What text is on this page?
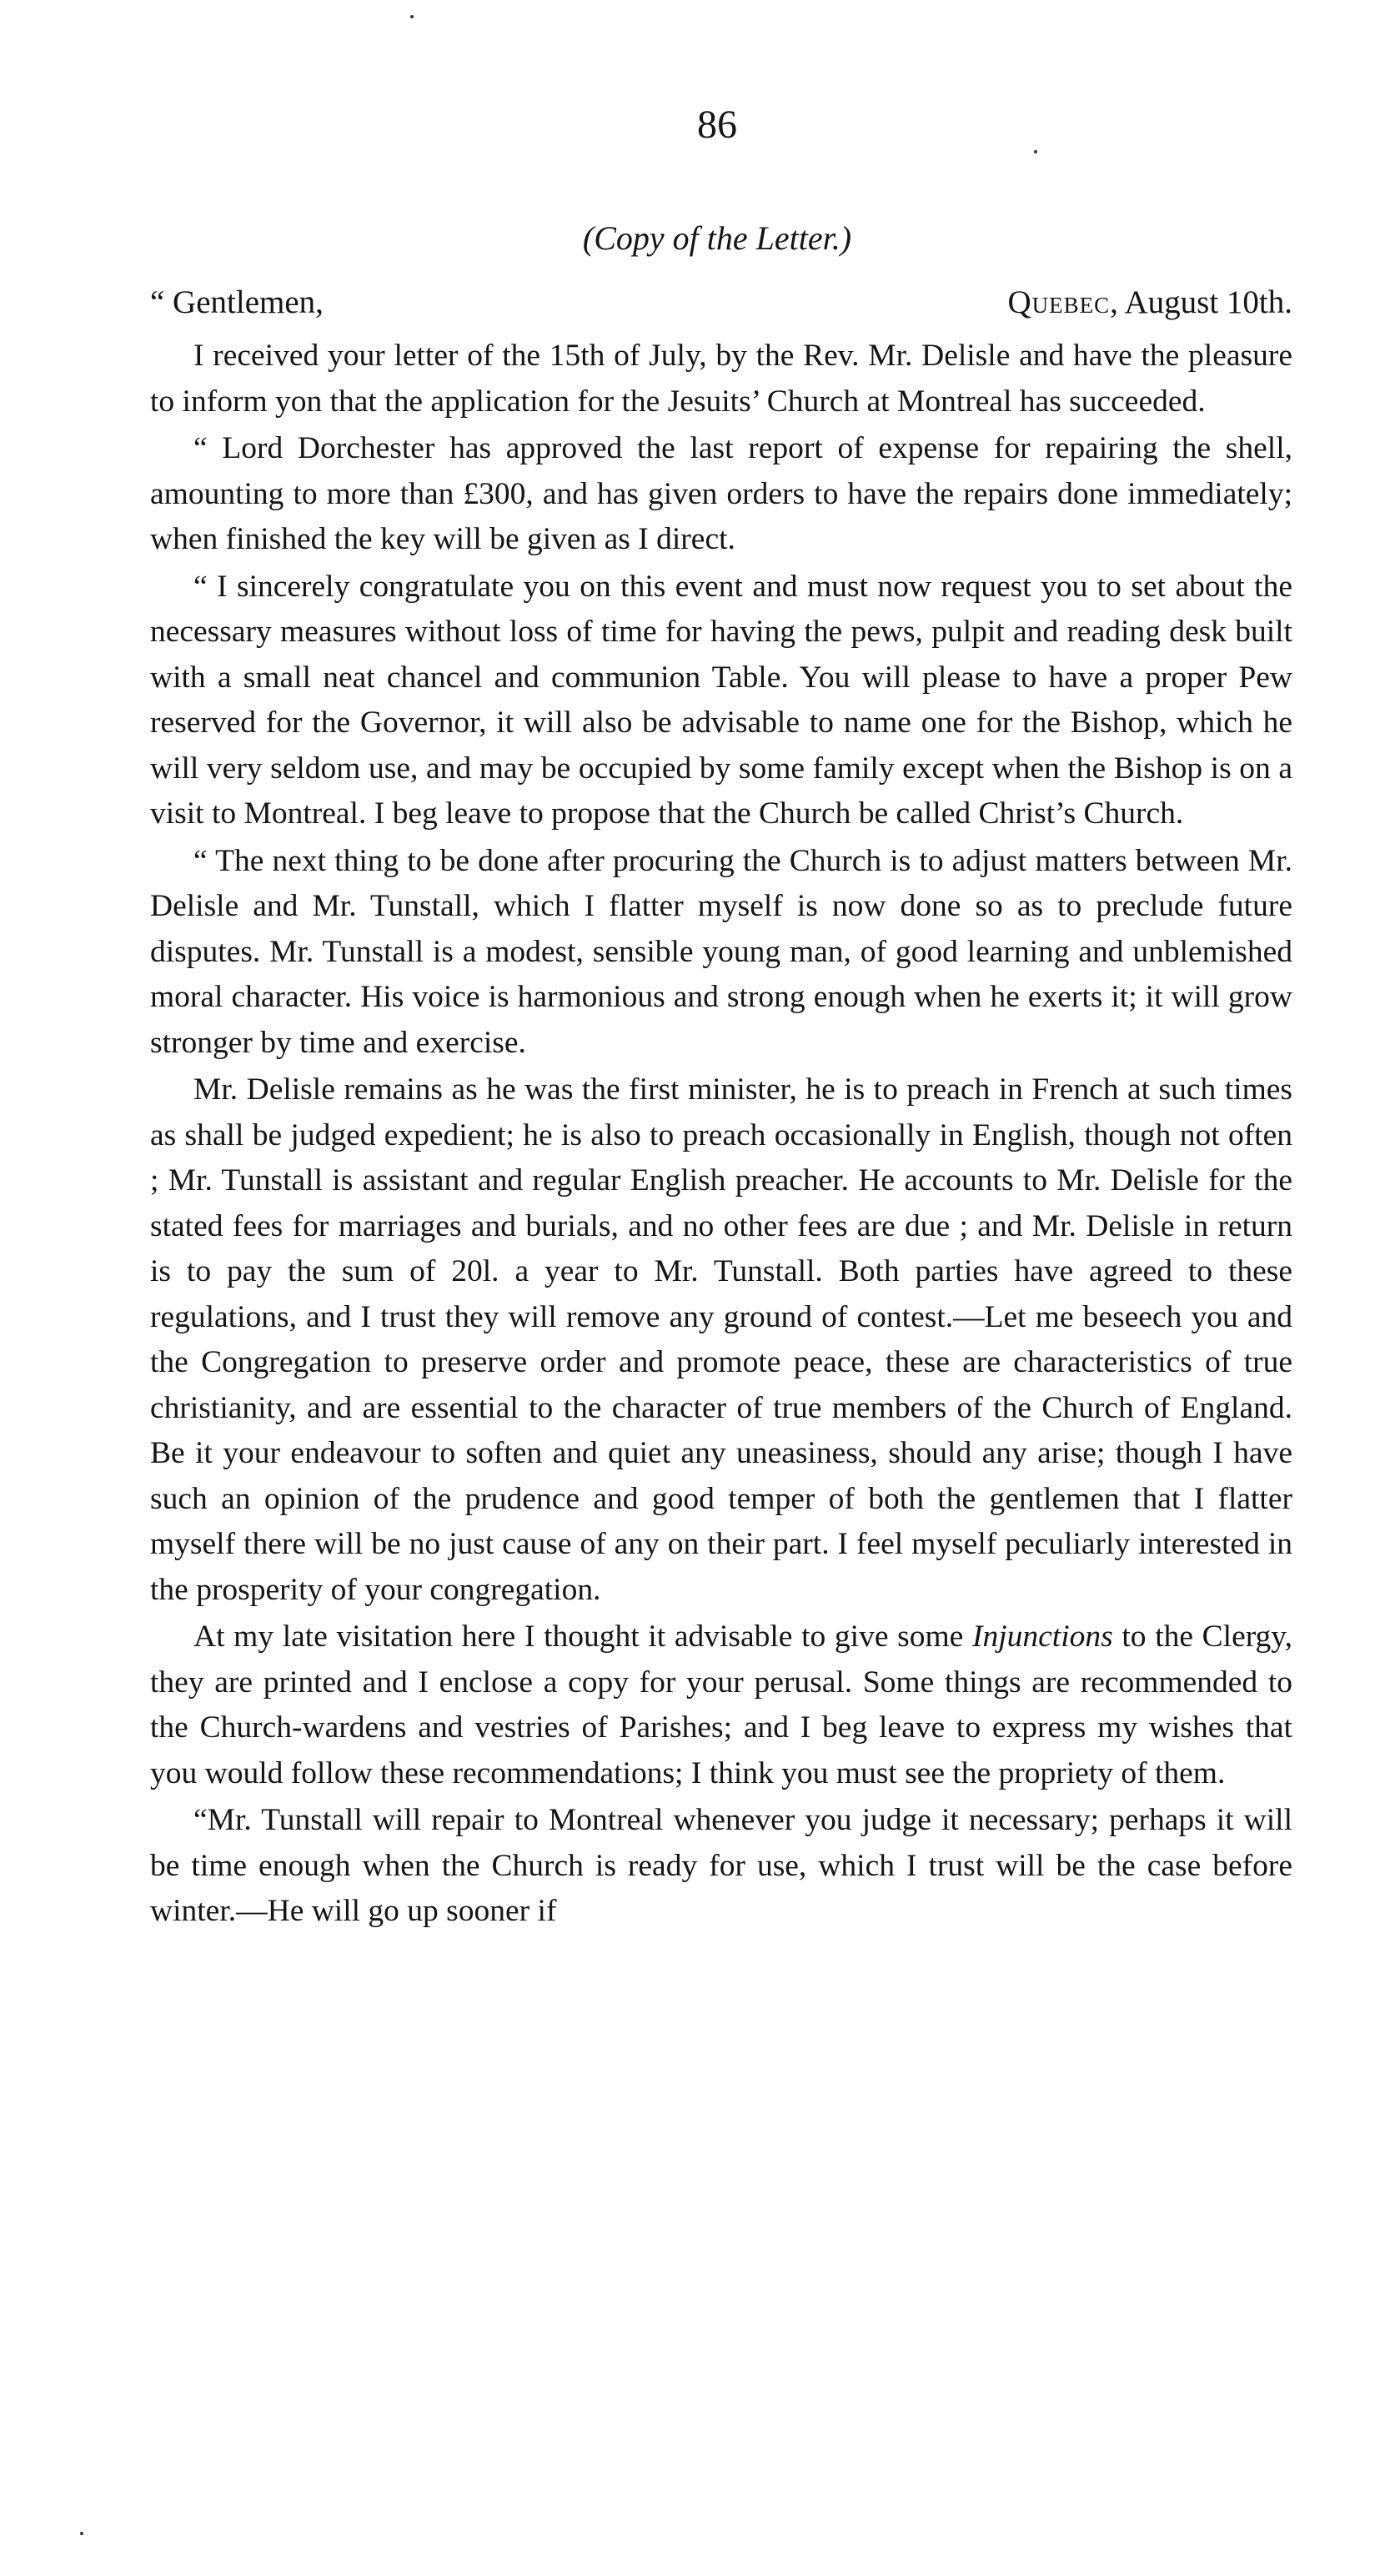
86
(Copy of the Letter.)
“ Gentlemen,	Quebec, August 10th.

I received your letter of the 15th of July, by the Rev. Mr. Delisle and have the pleasure to inform yon that the application for the Jesuits’ Church at Montreal has succeeded.

“ Lord Dorchester has approved the last report of expense for repairing the shell, amounting to more than £300, and has given orders to have the repairs done immediately; when finished the key will be given as I direct.

“ I sincerely congratulate you on this event and must now request you to set about the necessary measures without loss of time for having the pews, pulpit and reading desk built with a small neat chancel and communion Table. You will please to have a proper Pew reserved for the Governor, it will also be advisable to name one for the Bishop, which he will very seldom use, and may be occupied by some family except when the Bishop is on a visit to Montreal. I beg leave to propose that the Church be called Christ’s Church.

“ The next thing to be done after procuring the Church is to adjust matters between Mr. Delisle and Mr. Tunstall, which I flatter myself is now done so as to preclude future disputes. Mr. Tunstall is a modest, sensible young man, of good learning and unblemished moral character. His voice is harmonious and strong enough when he exerts it; it will grow stronger by time and exercise.

Mr. Delisle remains as he was the first minister, he is to preach in French at such times as shall be judged expedient; he is also to preach occasionally in English, though not often ; Mr. Tunstall is assistant and regular English preacher. He accounts to Mr. Delisle for the stated fees for marriages and burials, and no other fees are due ; and Mr. Delisle in return is to pay the sum of 20l. a year to Mr. Tunstall. Both parties have agreed to these regulations, and I trust they will remove any ground of contest.—Let me beseech you and the Congregation to preserve order and promote peace, these are characteristics of true christianity, and are essential to the character of true members of the Church of England. Be it your endeavour to soften and quiet any uneasiness, should any arise; though I have such an opinion of the prudence and good temper of both the gentlemen that I flatter myself there will be no just cause of any on their part. I feel myself peculiarly interested in the prosperity of your congregation.

At my late visitation here I thought it advisable to give some Injunctions to the Clergy, they are printed and I enclose a copy for your perusal. Some things are recommended to the Church-wardens and vestries of Parishes; and I beg leave to express my wishes that you would follow these recommendations; I think you must see the propriety of them.

“Mr. Tunstall will repair to Montreal whenever you judge it necessary; perhaps it will be time enough when the Church is ready for use, which I trust will be the case before winter.—He will go up sooner if
